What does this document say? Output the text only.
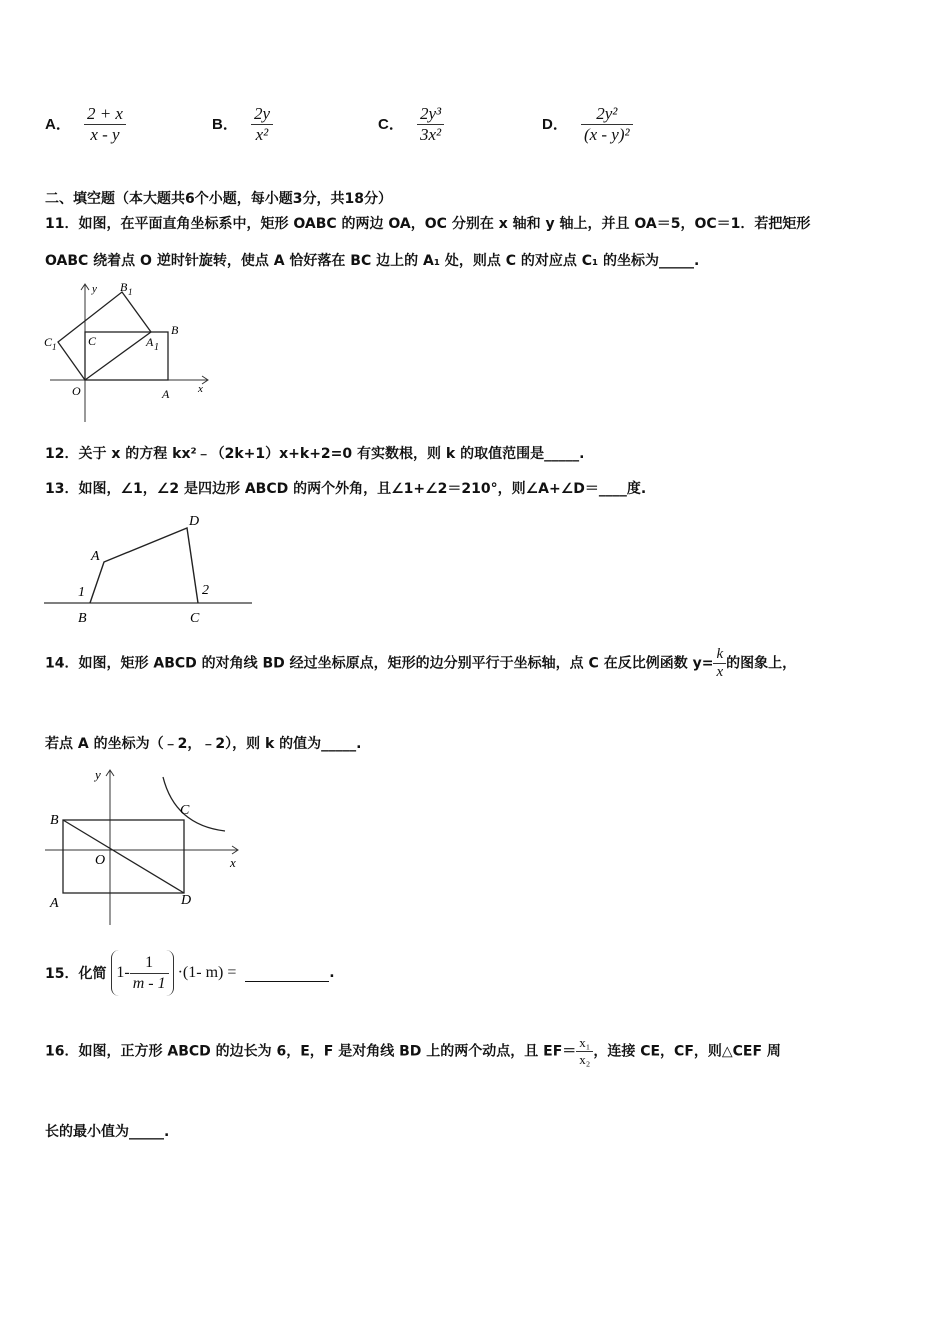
A． $\frac{2 + x}{x - y}$	B． $\frac{2y}{\text{x²}}$	C． $\frac{\text{2y³}}{\text{3x²}}$	D． $\frac{\text{2y²}}{\text{(x - y)²}}$
二、填空题（本大题共6个小题，每小题3分，共18分）
11．如图，在平面直角坐标系中，矩形 OABC 的两边 OA，OC 分别在 x 轴和 y 轴上，并且 OA＝5，OC＝1．若把矩形
OABC 绕着点 O 逆时针旋转，使点 A 恰好落在 BC 边上的 A₁ 处，则点 C 的对应点 C₁ 的坐标为_____.
y
x
B 1
B
C 1	C	A 1
O	A
12．关于 x 的方程 kx²﹣（2k+1）x+k+2=0 有实数根，则 k 的取值范围是_____.
13．如图，∠1，∠2 是四边形 ABCD 的两个外角，且∠1+∠2＝210°，则∠A+∠D＝____度.
D
A
1	2
B	C
14．如图，矩形 ABCD 的对角线 BD 经过坐标原点，矩形的边分别平行于坐标轴，点 C 在反比例函数 $y= \frac{k}{x}$ 的图象上，
若点 A 的坐标为（﹣2，﹣2），则 k 的值为_____.
y
x
B
C
O
A	D
15．化简 $1- \frac{1}{m - 1} \cdot(1-$ m) =	.
16．如图，正方形 ABCD 的边长为 6，E，F 是对角线 BD 上的两个动点，且 $EF= \frac{\text{x₁}}{\text{x₂}}$ ，连接 CE，CF，则△CEF 周
长的最小值为_____.
